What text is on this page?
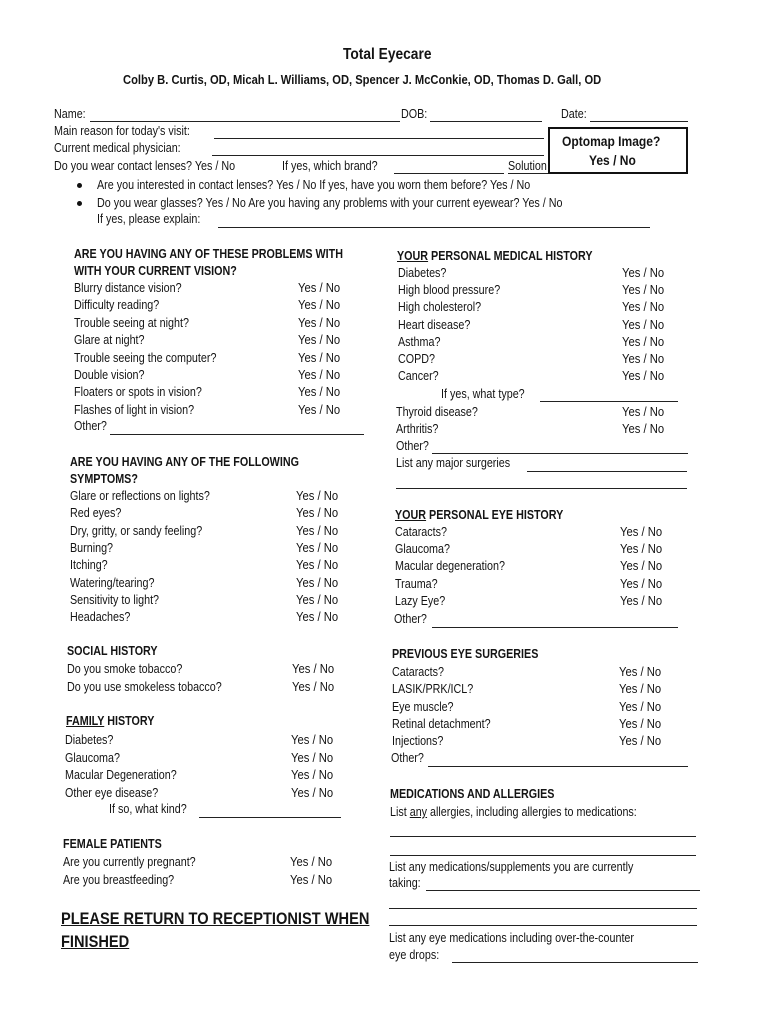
Total Eyecare
Colby B. Curtis, OD, Micah L. Williams, OD, Spencer J. McConkie, OD, Thomas D. Gall, OD
Name:	DOB:	Date:
Main reason for today's visit:
Current medical physician:
Do you wear contact lenses? Yes / No	If yes, which brand?	Solution
Optomap Image?
Yes / No
Are you interested in contact lenses? Yes / No If yes, have you worn them before? Yes / No
Do you wear glasses? Yes / No Are you having any problems with your current eyewear? Yes / No
If yes, please explain:
ARE YOU HAVING ANY OF THESE PROBLEMS WITH
WITH YOUR CURRENT VISION?
Blurry distance vision?	Yes / No
Difficulty reading?	Yes / No
Trouble seeing at night?	Yes / No
Glare at night?	Yes / No
Trouble seeing the computer?	Yes / No
Double vision?	Yes / No
Floaters or spots in vision?	Yes / No
Flashes of light in vision?	Yes / No
Other?
ARE YOU HAVING ANY OF THE FOLLOWING
SYMPTOMS?
Glare or reflections on lights?	Yes / No
Red eyes?	Yes / No
Dry, gritty, or sandy feeling?	Yes / No
Burning?	Yes / No
Itching?	Yes / No
Watering/tearing?	Yes / No
Sensitivity to light?	Yes / No
Headaches?	Yes / No
SOCIAL HISTORY
Do you smoke tobacco?	Yes / No
Do you use smokeless tobacco?	Yes / No
FAMILY HISTORY
Diabetes?	Yes / No
Glaucoma?	Yes / No
Macular Degeneration?	Yes / No
Other eye disease?	Yes / No
If so, what kind?
FEMALE PATIENTS
Are you currently pregnant?	Yes / No
Are you breastfeeding?	Yes / No
PLEASE RETURN TO RECEPTIONIST WHEN
FINISHED
YOUR PERSONAL MEDICAL HISTORY
Diabetes?	Yes / No
High blood pressure?	Yes / No
High cholesterol?	Yes / No
Heart disease?	Yes / No
Asthma?	Yes / No
COPD?	Yes / No
Cancer?	Yes / No
If yes, what type?
Thyroid disease?	Yes / No
Arthritis?	Yes / No
Other?
List any major surgeries
YOUR PERSONAL EYE HISTORY
Cataracts?	Yes / No
Glaucoma?	Yes / No
Macular degeneration?	Yes / No
Trauma?	Yes / No
Lazy Eye?	Yes / No
Other?
PREVIOUS EYE SURGERIES
Cataracts?	Yes / No
LASIK/PRK/ICL?	Yes / No
Eye muscle?	Yes / No
Retinal detachment?	Yes / No
Injections?	Yes / No
Other?
MEDICATIONS AND ALLERGIES
List any allergies, including allergies to medications:
List any medications/supplements you are currently
taking:
List any eye medications including over-the-counter
eye drops:
